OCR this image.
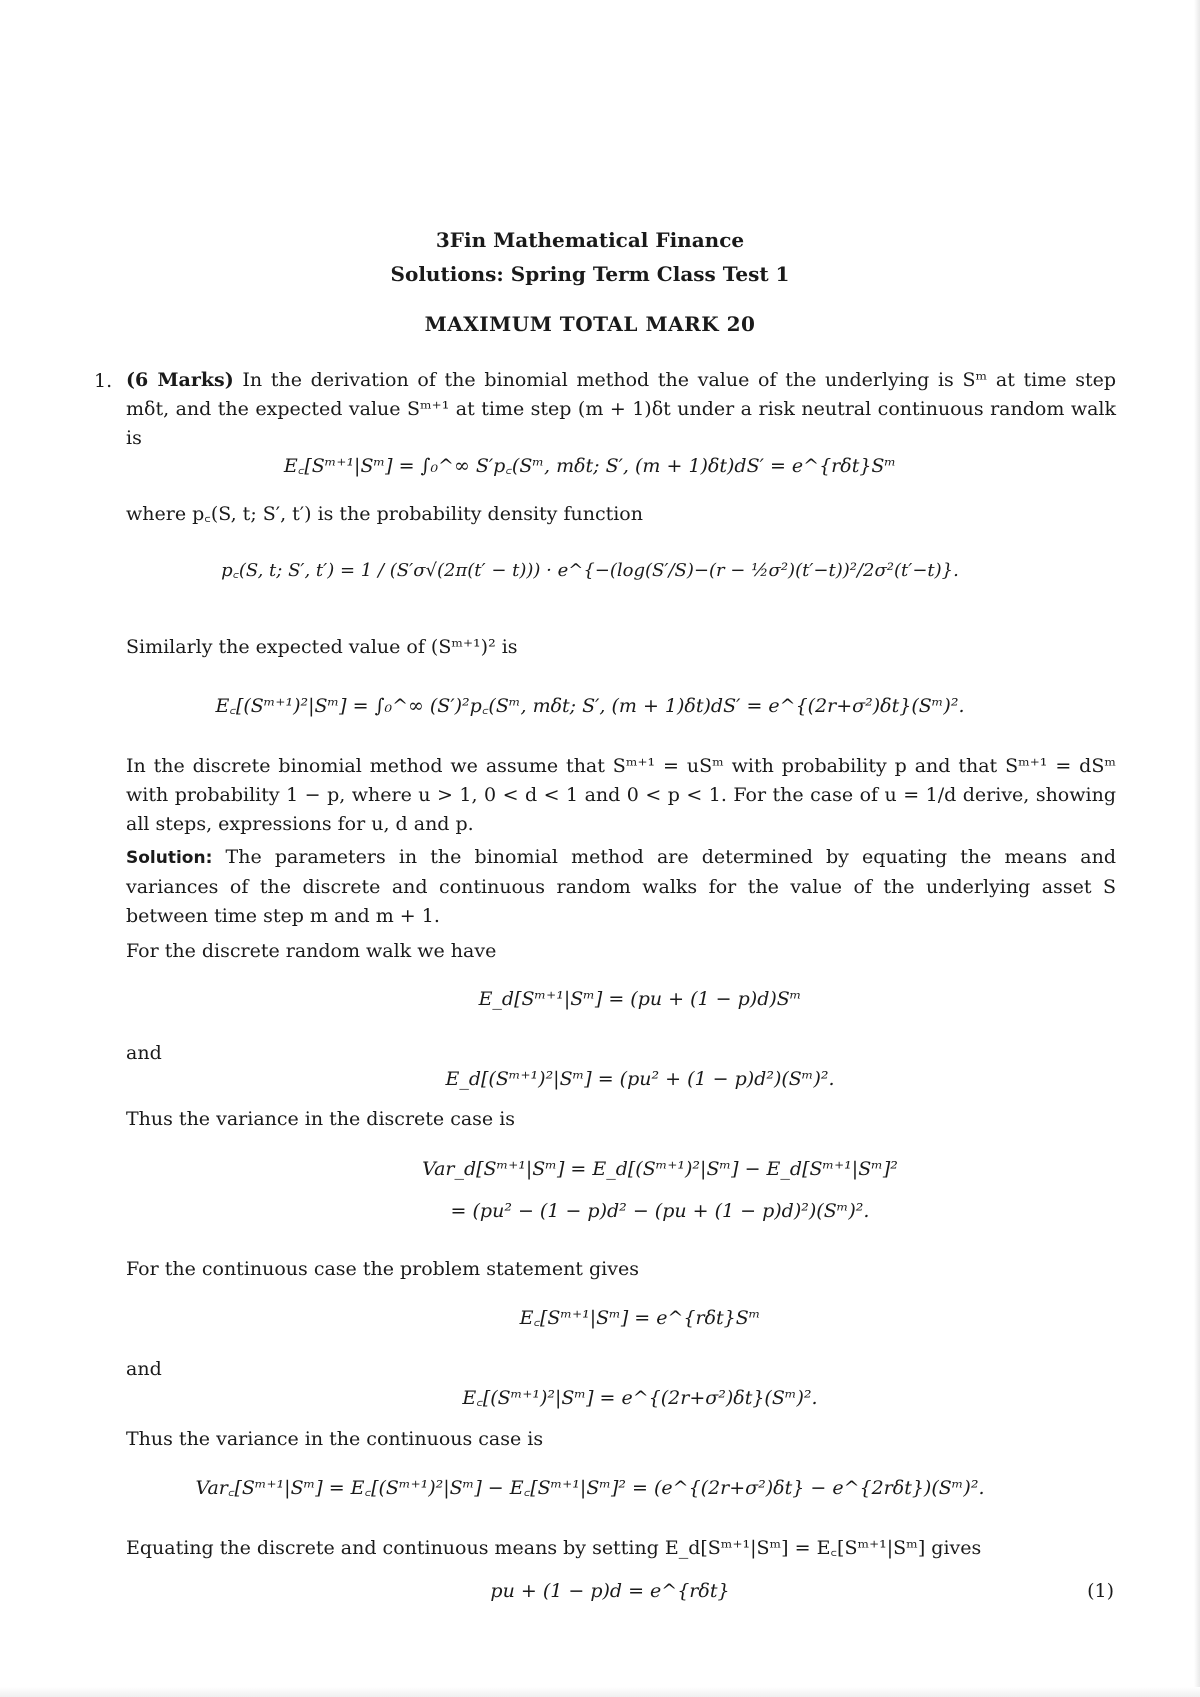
3Fin Mathematical Finance
Solutions: Spring Term Class Test 1
MAXIMUM TOTAL MARK 20
1. (6 Marks) In the derivation of the binomial method the value of the underlying is Sᵐ at time step mδt, and the expected value Sᵐ⁺¹ at time step (m + 1)δt under a risk neutral continuous random walk is
E꜀[Sᵐ⁺¹|Sᵐ] = ∫₀^∞ S′p꜀(Sᵐ, mδt; S′, (m + 1)δt)dS′ = e^{rδt}Sᵐ
where p꜀(S, t; S′, t′) is the probability density function
p꜀(S, t; S′, t′) = 1 / (S′σ√(2π(t′ − t))) · e^{−(log(S′/S)−(r − ½σ²)(t′−t))²/2σ²(t′−t)}.
Similarly the expected value of (Sᵐ⁺¹)² is
E꜀[(Sᵐ⁺¹)²|Sᵐ] = ∫₀^∞ (S′)²p꜀(Sᵐ, mδt; S′, (m + 1)δt)dS′ = e^{(2r+σ²)δt}(Sᵐ)².
In the discrete binomial method we assume that Sᵐ⁺¹ = uSᵐ with probability p and that Sᵐ⁺¹ = dSᵐ with probability 1 − p, where u > 1, 0 < d < 1 and 0 < p < 1. For the case of u = 1/d derive, showing all steps, expressions for u, d and p.
Solution: The parameters in the binomial method are determined by equating the means and variances of the discrete and continuous random walks for the value of the underlying asset S between time step m and m + 1.
For the discrete random walk we have
E_d[Sᵐ⁺¹|Sᵐ] = (pu + (1 − p)d)Sᵐ
and
E_d[(Sᵐ⁺¹)²|Sᵐ] = (pu² + (1 − p)d²)(Sᵐ)².
Thus the variance in the discrete case is
Var_d[Sᵐ⁺¹|Sᵐ] = E_d[(Sᵐ⁺¹)²|Sᵐ] − E_d[Sᵐ⁺¹|Sᵐ]²
= (pu² − (1 − p)d² − (pu + (1 − p)d)²)(Sᵐ)².
For the continuous case the problem statement gives
E꜀[Sᵐ⁺¹|Sᵐ] = e^{rδt}Sᵐ
and
E꜀[(Sᵐ⁺¹)²|Sᵐ] = e^{(2r+σ²)δt}(Sᵐ)².
Thus the variance in the continuous case is
Var꜀[Sᵐ⁺¹|Sᵐ] = E꜀[(Sᵐ⁺¹)²|Sᵐ] − E꜀[Sᵐ⁺¹|Sᵐ]² = (e^{(2r+σ²)δt} − e^{2rδt})(Sᵐ)².
Equating the discrete and continuous means by setting E_d[Sᵐ⁺¹|Sᵐ] = E꜀[Sᵐ⁺¹|Sᵐ] gives
pu + (1 − p)d = e^{rδt}	(1)
